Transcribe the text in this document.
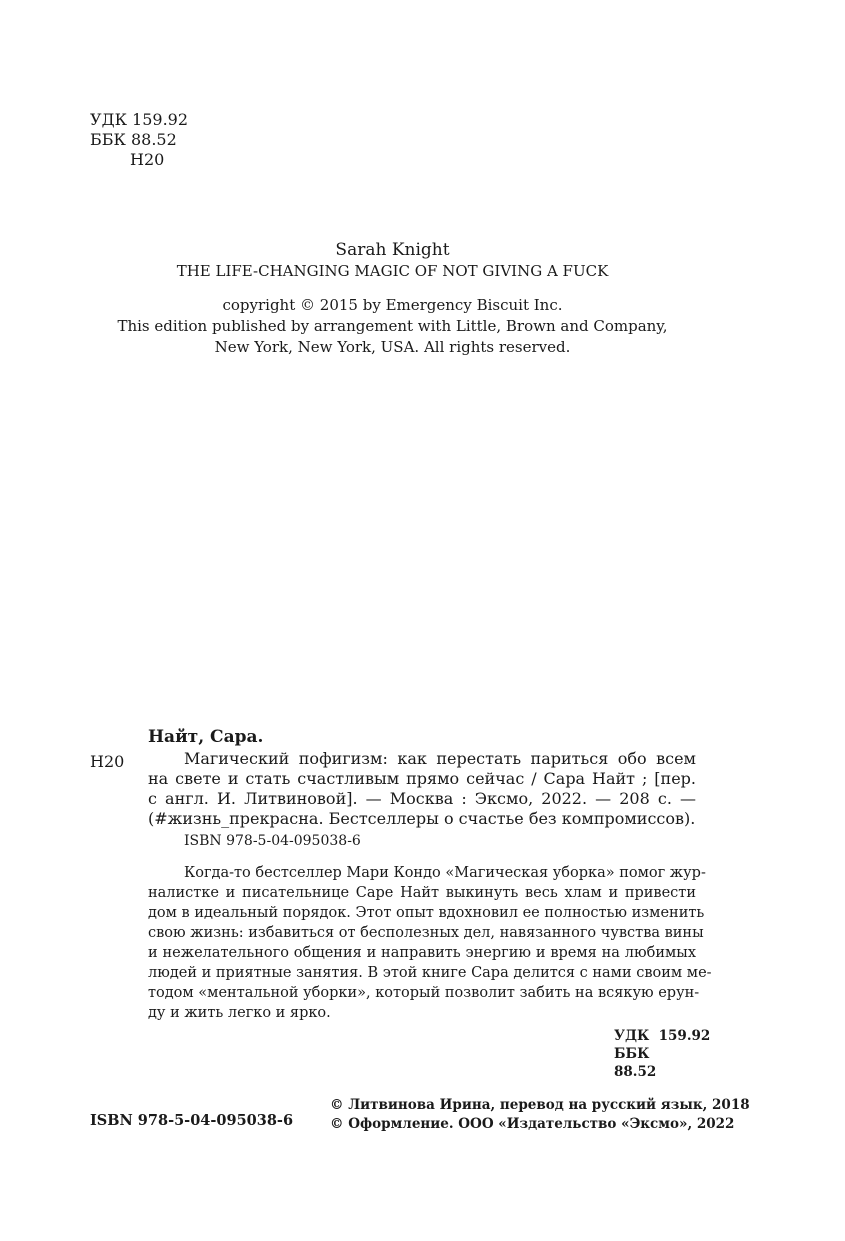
УДК 159.92
ББК 88.52
Н20
Sarah Knight
THE LIFE-CHANGING MAGIC OF NOT GIVING A FUCK
copyright © 2015 by Emergency Biscuit Inc.
This edition published by arrangement with Little, Brown and Company,
New York, New York, USA. All rights reserved.
Н20
Найт, Сара.
Магический пофигизм: как перестать париться обо всем
на свете и стать счастливым прямо сейчас / Сара Найт ; [пер.
с англ. И. Литвиновой]. — Москва : Эксмо, 2022. — 208 с. —
(#жизнь_прекрасна. Бестселлеры о счастье без компромиссов).
ISBN 978-5-04-095038-6
Когда-то бестселлер Мари Кондо «Магическая уборка» помог жур-
налистке и писательнице Саре Найт выкинуть весь хлам и привести
дом в идеальный порядок. Этот опыт вдохновил ее полностью изменить
свою жизнь: избавиться от бесполезных дел, навязанного чувства вины
и нежелательного общения и направить энергию и время на любимых
людей и приятные занятия. В этой книге Сара делится с нами своим ме-
тодом «ментальной уборки», который позволит забить на всякую ерун-
ду и жить легко и ярко.
УДК  159.92
ББК 88.52
© Литвинова Ирина, перевод на русский язык, 2018
© Оформление. ООО «Издательство «Эксмо», 2022
ISBN 978-5-04-095038-6
